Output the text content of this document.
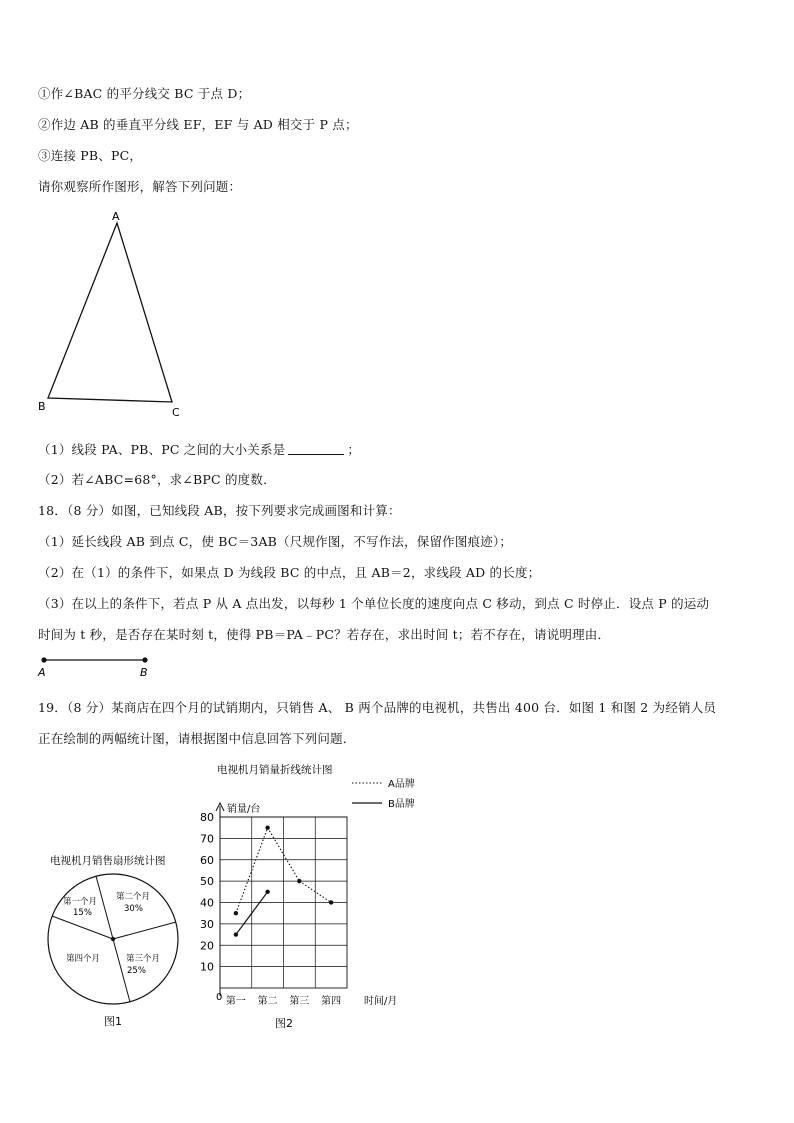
①作∠BAC 的平分线交 BC 于点 D；
②作边 AB 的垂直平分线 EF，EF 与 AD 相交于 P 点；
③连接 PB、PC，
请你观察所作图形，解答下列问题：
A
B	C
（1）线段 PA、PB、PC 之间的大小关系是	；
（2）若∠ABC=68°，求∠BPC 的度数．
18．（8 分）如图，已知线段 AB，按下列要求完成画图和计算：
（1）延长线段 AB 到点 C，使 BC＝3AB（尺规作图，不写作法，保留作图痕迹）；
（2）在（1）的条件下，如果点 D 为线段 BC 的中点，且 AB＝2，求线段 AD 的长度；
（3）在以上的条件下，若点 P 从 A 点出发，以每秒 1 个单位长度的速度向点 C 移动，到点 C 时停止．设点 P 的运动
时间为 t 秒，是否存在某时刻 t，使得 PB＝PA﹣PC？若存在，求出时间 t；若不存在，请说明理由．
A	B
19．（8 分）某商店在四个月的试销期内，只销售 A、 B 两个品牌的电视机，共售出 400 台．如图 1 和图 2 为经销人员
正在绘制的两幅统计图，请根据图中信息回答下列问题．
电视机月销售扇形统计图
第一个月
15%
第二个月
30%
第三个月
25%
第四个月
图1
电视机月销量折线统计图
A品牌
B品牌
销量/台
0	时间/月
10
20
30
40
50
60
70
80
第一 第二 第三 第四
图2
